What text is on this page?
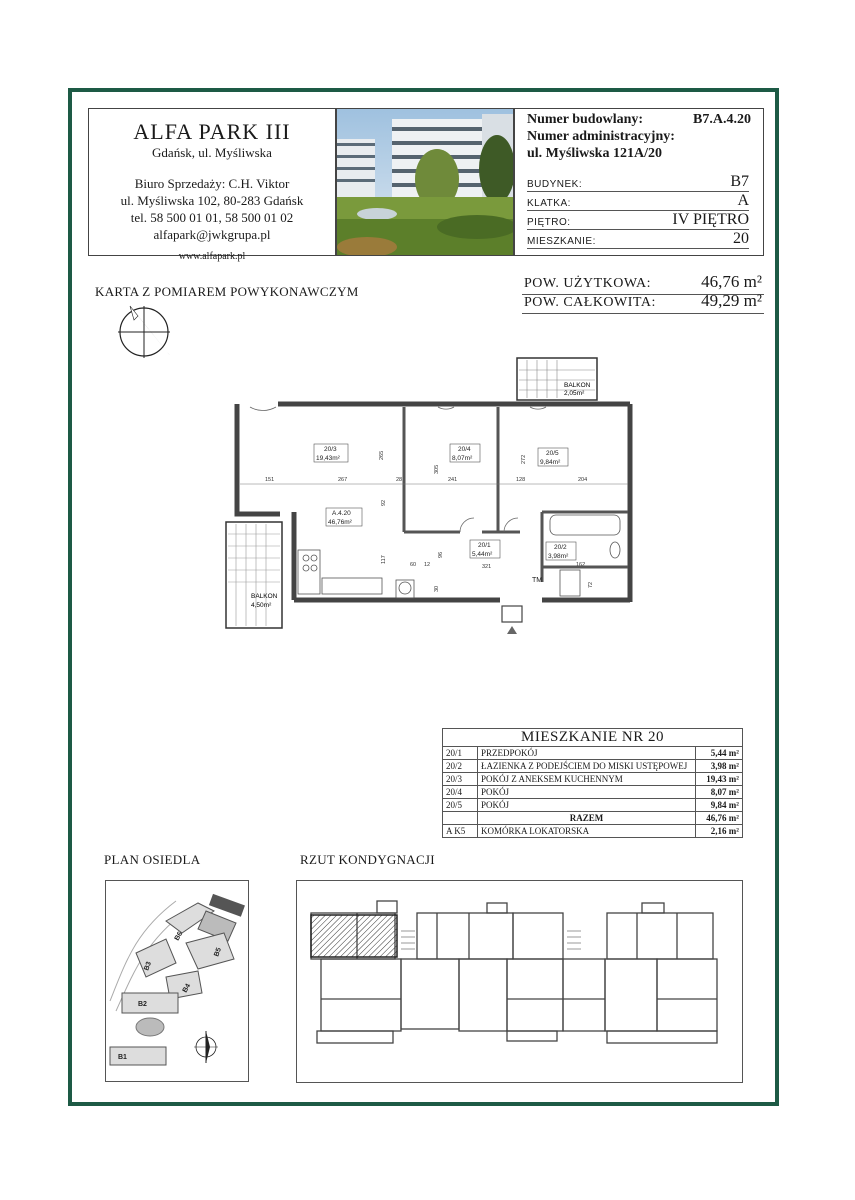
ALFA PARK III
Gdańsk, ul. Myśliwska
Biuro Sprzedaży: C.H. Viktor
ul. Myśliwska 102, 80-283 Gdańsk
tel. 58 500 01 01, 58 500 01 02
alfapark@jwkgrupa.pl
www.alfapark.pl
Numer budowlany:	B7.A.4.20
Numer administracyjny:
ul. Myśliwska 121A/20
BUDYNEK:	B7
KLATKA:	A
PIĘTRO:	IV PIĘTRO
MIESZKANIE:	20
POW. UŻYTKOWA:	46,76 m²
POW. CAŁKOWITA:	49,29 m²
KARTA Z POMIAREM POWYKONAWCZYM
BALKON
2,05m²
BALKON
4,50m²
151	267	28	241	128	204
265
305
272
92
117
60 12	321
96
162
72
30
20/3
19,43m²
20/4
8,07m²
20/5
9,84m²
20/1
5,44m²
20/2
3,98m²
A.4.20
46,76m²
TM
MIESZKANIE NR 20		
20/1	PRZEDPOKÓJ	5,44 m²
20/2	ŁAZIENKA Z PODEJŚCIEM DO MISKI USTĘPOWEJ	3,98 m²
20/3	POKÓJ Z ANEKSEM KUCHENNYM	19,43 m²
20/4	POKÓJ	8,07 m²
20/5	POKÓJ	9,84 m²
	RAZEM	46,76 m²
A K5	KOMÓRKA LOKATORSKA	2,16 m²
PLAN OSIEDLA	RZUT KONDYGNACJI
B6
B5
B3
B4
B2
B1
